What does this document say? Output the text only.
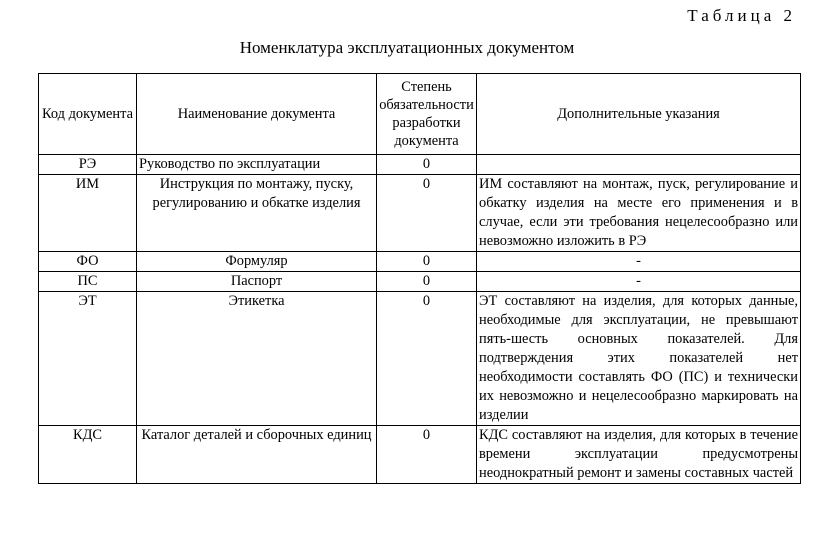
Таблица 2
Номенклатура эксплуатационных документом
Код документа	Наименование документа	Степень обязательности разработки документа	Дополнительные указания
РЭ	Руководство по эксплуатации	0	
ИМ	Инструкция по монтажу, пуску, регулированию и обкатке изделия	0	ИМ составляют на монтаж, пуск, регулирование и обкатку изделия на месте его применения и в случае, если эти требования нецелесообразно или невозможно изложить в РЭ
ФО	Формуляр	0	-
ПС	Паспорт	0	-
ЭТ	Этикетка	0	ЭТ составляют на изделия, для которых данные, необходимые для эксплуатации, не превышают пять-шесть основных показателей. Для подтверждения этих показателей нет необходимости составлять ФО (ПС) и технически их невозможно и нецелесообразно маркировать на изделии
КДС	Каталог деталей и сборочных единиц	0	КДС составляют на изделия, для которых в течение времени эксплуатации предусмотрены неоднократный ремонт и замены составных частей
